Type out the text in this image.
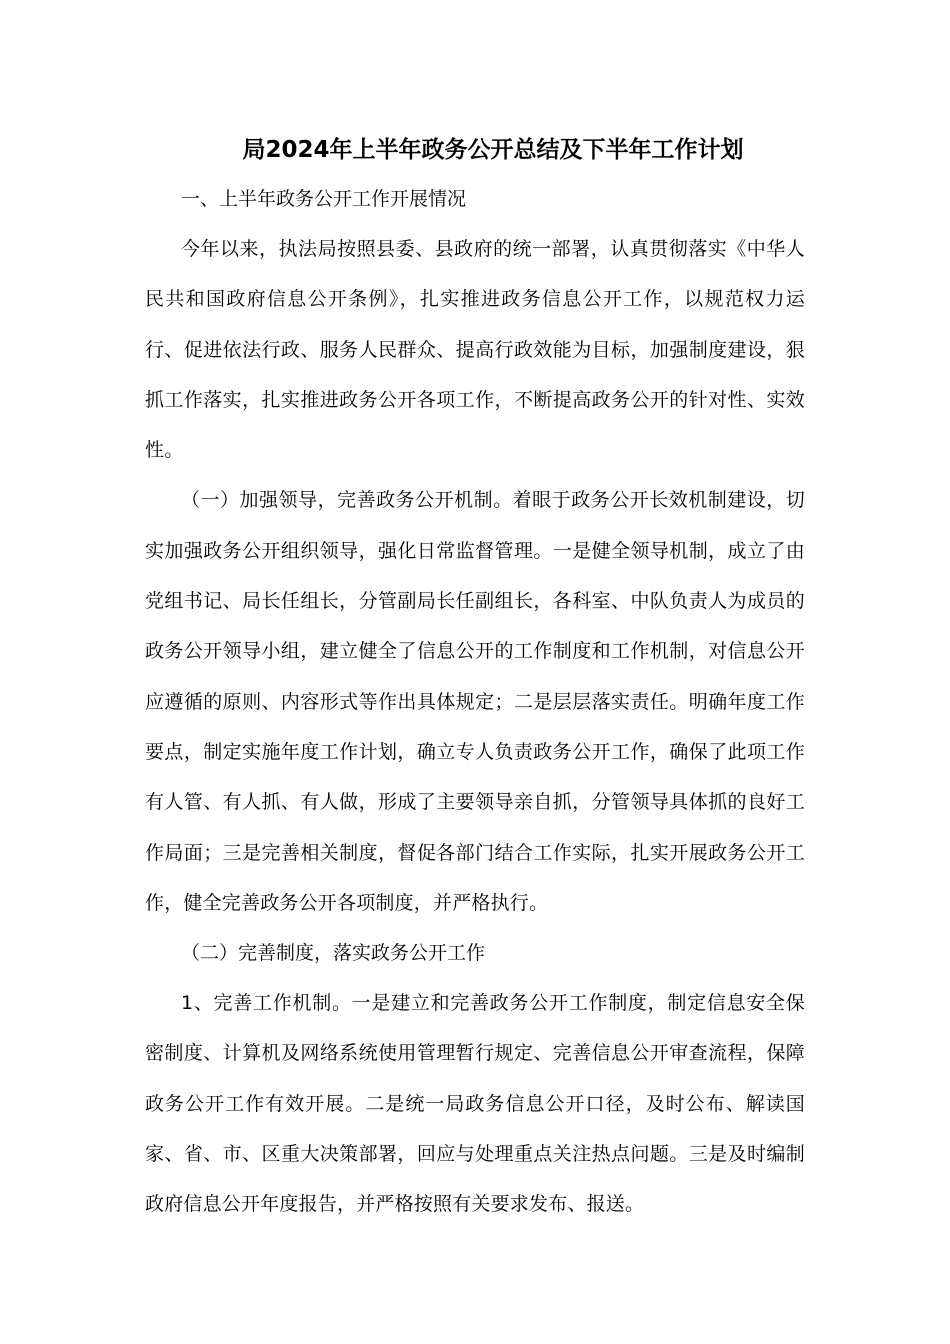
局2024年上半年政务公开总结及下半年工作计划

一、上半年政务公开工作开展情况

今年以来，执法局按照县委、县政府的统一部署，认真贯彻落实《中华人民共和国政府信息公开条例》，扎实推进政务信息公开工作，以规范权力运行、促进依法行政、服务人民群众、提高行政效能为目标，加强制度建设，狠抓工作落实，扎实推进政务公开各项工作，不断提高政务公开的针对性、实效性。

（一）加强领导，完善政务公开机制。着眼于政务公开长效机制建设，切实加强政务公开组织领导，强化日常监督管理。一是健全领导机制，成立了由党组书记、局长任组长，分管副局长任副组长，各科室、中队负责人为成员的政务公开领导小组，建立健全了信息公开的工作制度和工作机制，对信息公开应遵循的原则、内容形式等作出具体规定；二是层层落实责任。明确年度工作要点，制定实施年度工作计划，确立专人负责政务公开工作，确保了此项工作有人管、有人抓、有人做，形成了主要领导亲自抓，分管领导具体抓的良好工作局面；三是完善相关制度，督促各部门结合工作实际，扎实开展政务公开工作，健全完善政务公开各项制度，并严格执行。

（二）完善制度，落实政务公开工作

1、完善工作机制。一是建立和完善政务公开工作制度，制定信息安全保密制度、计算机及网络系统使用管理暂行规定、完善信息公开审查流程，保障政务公开工作有效开展。二是统一局政务信息公开口径，及时公布、解读国家、省、市、区重大决策部署，回应与处理重点关注热点问题。三是及时编制政府信息公开年度报告，并严格按照有关要求发布、报送。
